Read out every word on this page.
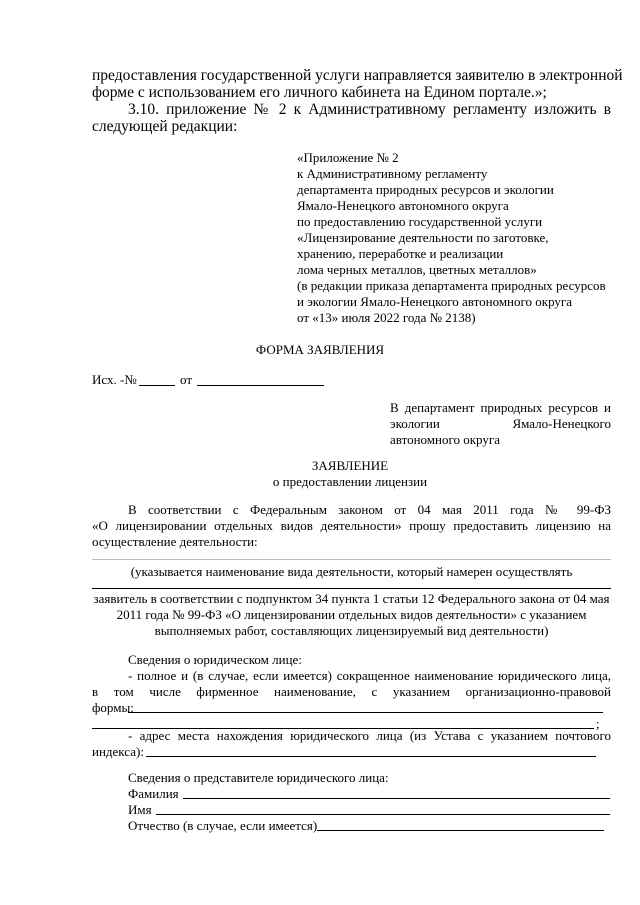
предоставления государственной услуги направляется заявителю в электронной
форме с использованием его личного кабинета на Едином портале.»;
3.10. приложение № 2 к Административному регламенту изложить в
следующей редакции:
«Приложение № 2
к Административному регламенту
департамента природных ресурсов и экологии
Ямало-Ненецкого автономного округа
по предоставлению государственной услуги
«Лицензирование деятельности по заготовке,
хранению, переработке и реализации
лома черных металлов, цветных металлов»
(в редакции приказа департамента природных ресурсов
и экологии Ямало-Ненецкого автономного округа
от «13» июля 2022 года № 2138)
ФОРМА ЗАЯВЛЕНИЯ
Исх. -№	от
В департамент природных ресурсов и
экологии	Ямало-Ненецкого
автономного округа
ЗАЯВЛЕНИЕ
о предоставлении лицензии
В соответствии с Федеральным законом от 04 мая 2011 года № 99-ФЗ
«О лицензировании отдельных видов деятельности» прошу предоставить лицензию на
осуществление деятельности:
(указывается наименование вида деятельности, который намерен осуществлять
заявитель в соответствии с подпунктом 34 пункта 1 статьи 12 Федерального закона от 04 мая
2011 года № 99-ФЗ «О лицензировании отдельных видов деятельности» с указанием
выполняемых работ, составляющих лицензируемый вид деятельности)
Сведения о юридическом лице:
- полное и (в случае, если имеется) сокращенное наименование юридического лица,
в том числе фирменное наименование, с указанием организационно-правовой
формы:
;
- адрес места нахождения юридического лица (из Устава с указанием почтового
индекса):
Сведения о представителе юридического лица:
Фамилия
Имя
Отчество (в случае, если имеется)
